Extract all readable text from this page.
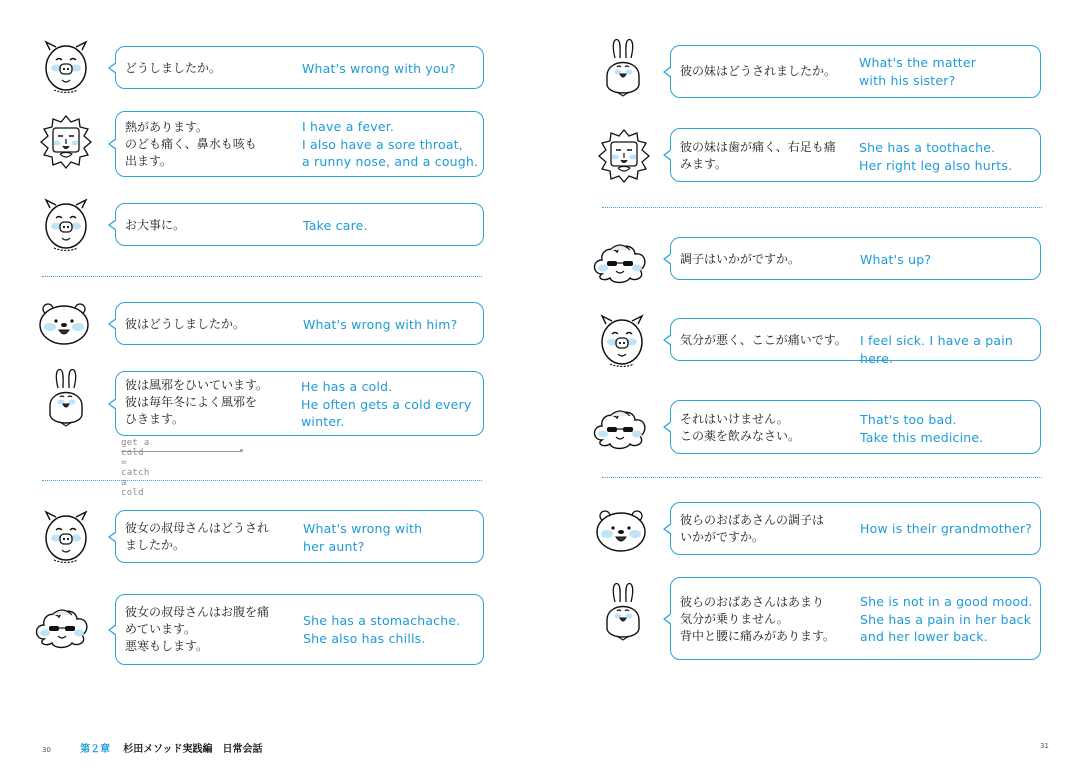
どうしましたか。	What's wrong with you?
熱があります。
のども痛く、鼻水も咳も
出ます。
I have a fever.
I also have a sore throat,
a runny nose, and a cough.
お大事に。	Take care.
彼はどうしましたか。	What's wrong with him?
彼は風邪をひいています。
彼は毎年冬によく風邪を
ひきます。
He has a cold.
He often gets a cold every
winter.
get a cold = catch a cold
彼女の叔母さんはどうされ
ましたか。
What's wrong with
her aunt?
彼女の叔母さんはお腹を痛
めています。
悪寒もします。
She has a stomachache.
She also has chills.
30	第２章 杉田メソッド実践編　日常会話
彼の妹はどうされましたか。
What's the matter
with his sister?
彼の妹は歯が痛く、右足も痛
みます。
She has a toothache.
Her right leg also hurts.
調子はいかがですか。	What's up?
気分が悪く、ここが痛いです。 I feel sick. I have a pain here.
それはいけません。
この薬を飲みなさい。
That's too bad.
Take this medicine.
彼らのおばあさんの調子は
いかがですか。
How is their grandmother?
彼らのおばあさんはあまり
気分が乗りません。
背中と腰に痛みがあります。
She is not in a good mood.
She has a pain in her back
and her lower back.
31
